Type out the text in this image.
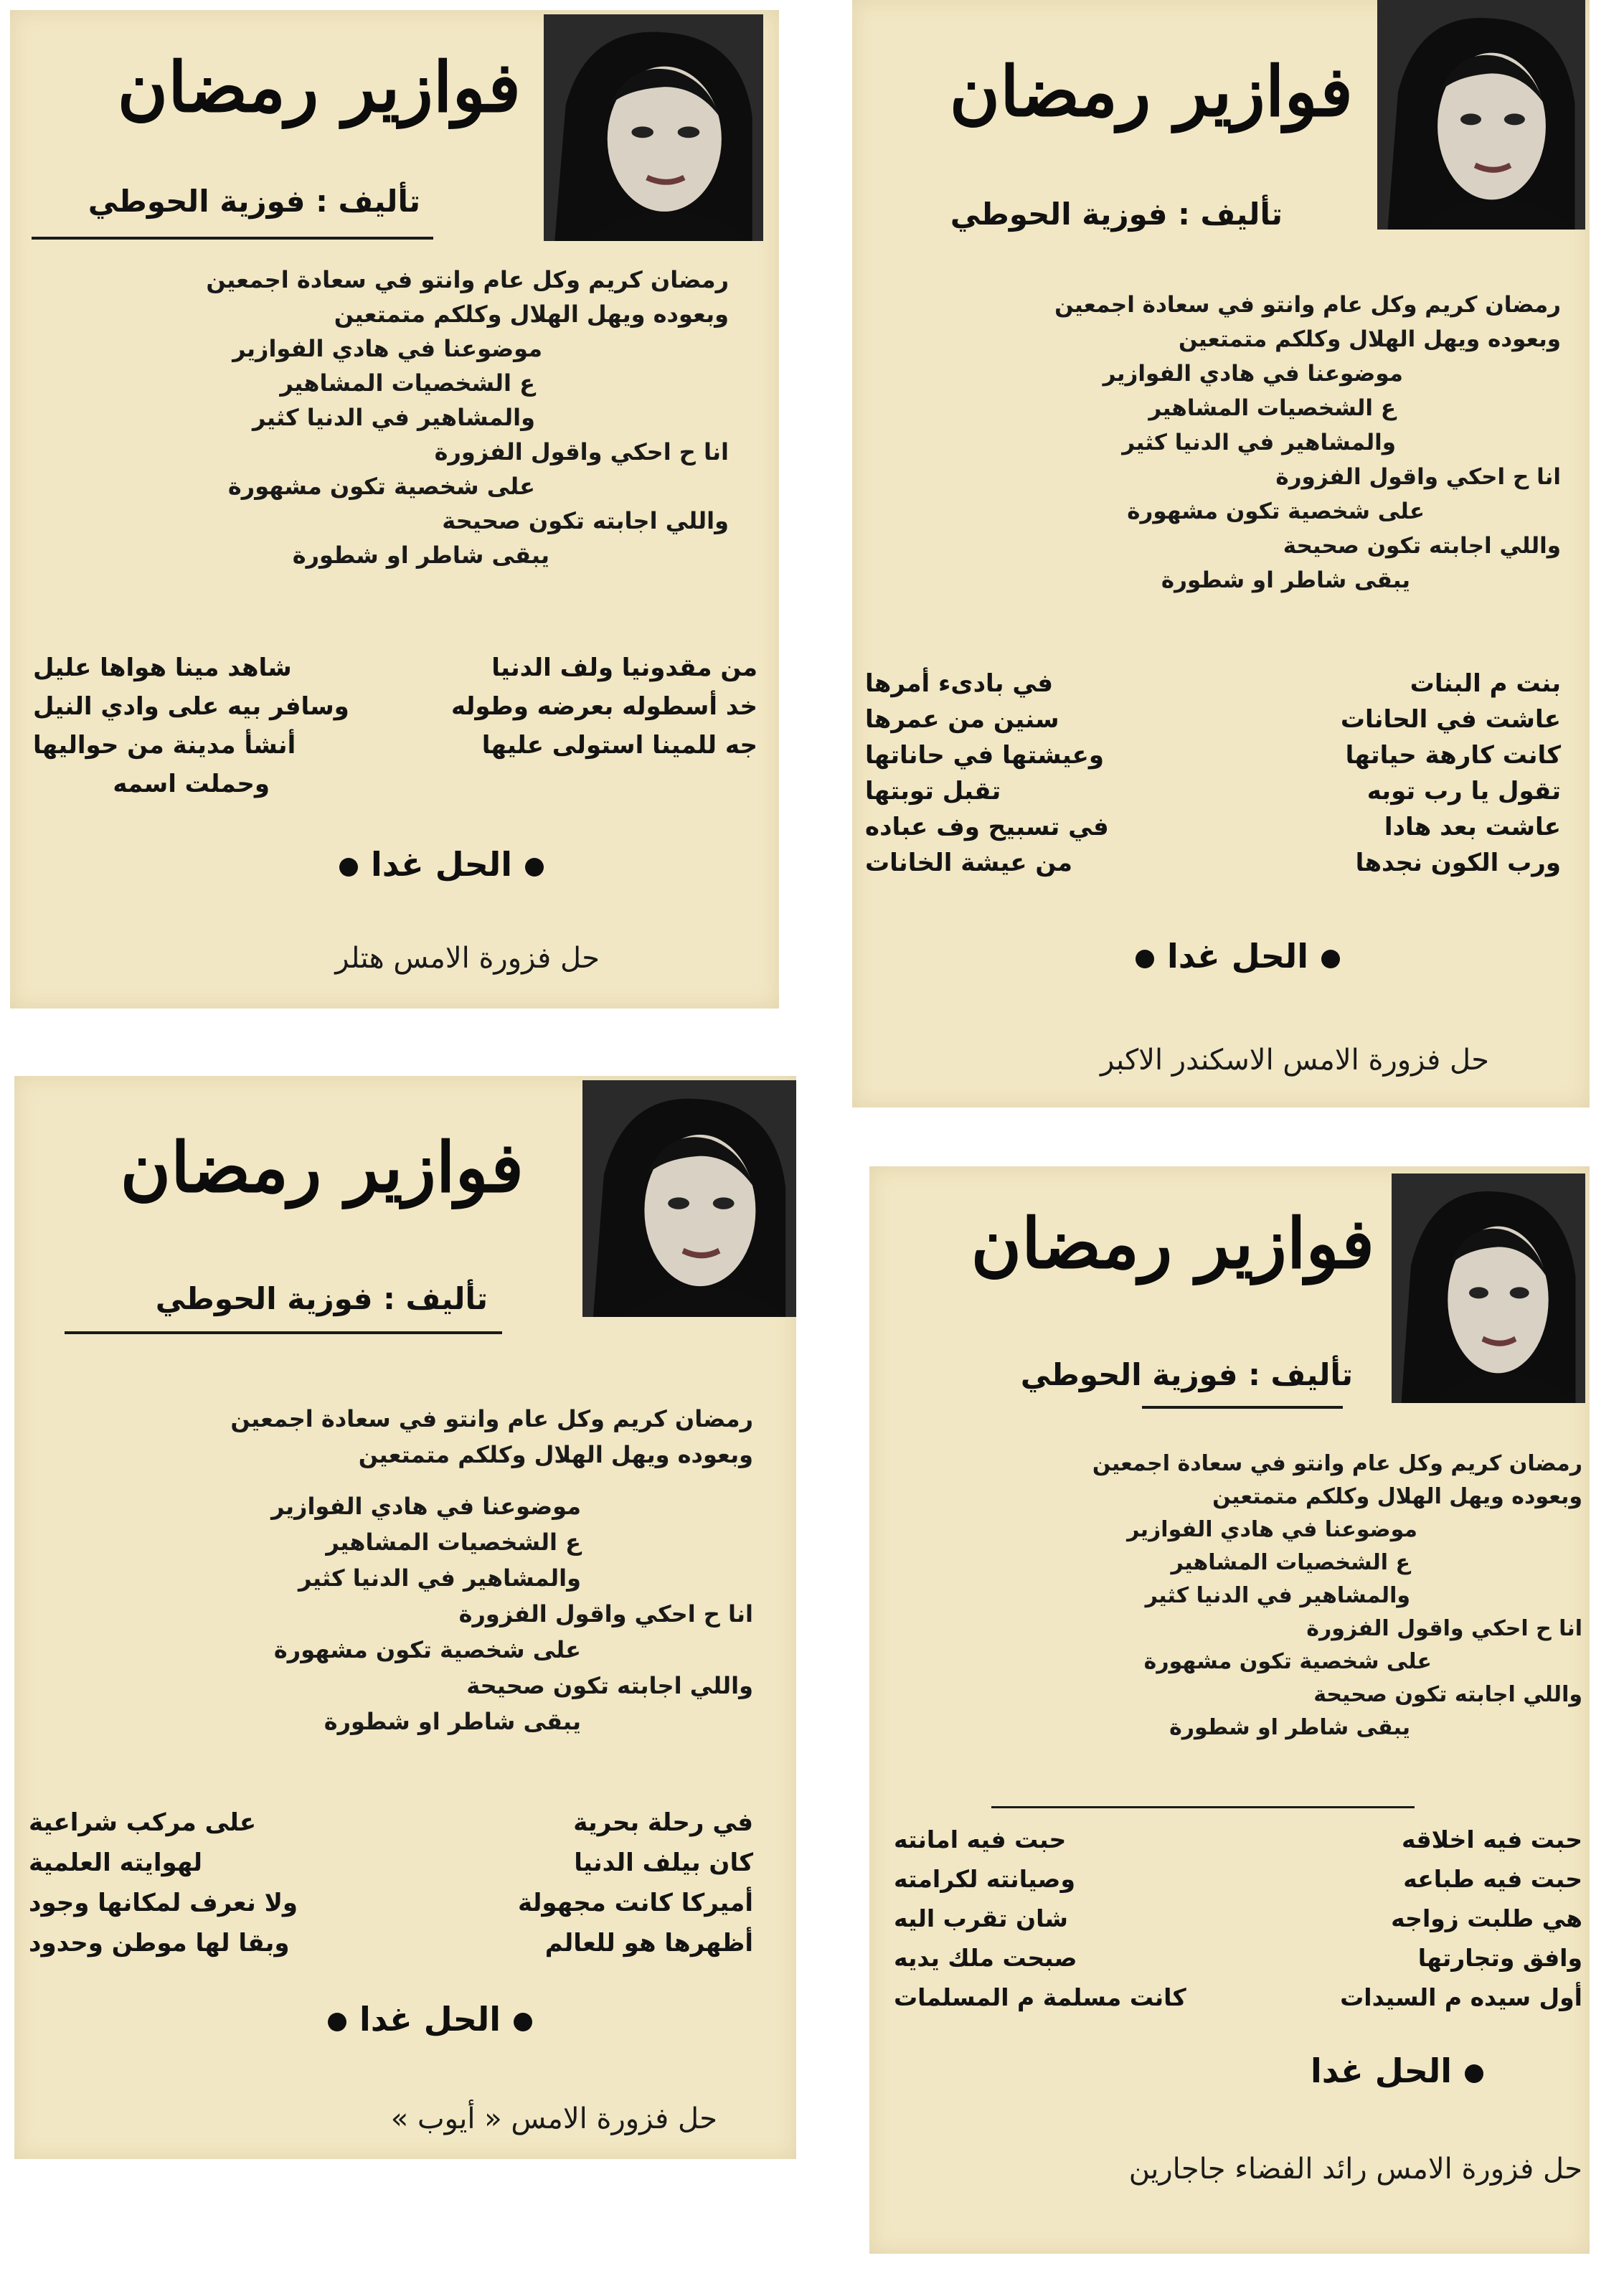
فوازير رمضان
تأليف : فوزية الحوطي
رمضان كريم وكل عام وانتو في سعادة اجمعين
وبعوده ويهل الهلال وكلكم متمتعين
موضوعنا في هادي الفوازير
ع الشخصيات المشاهير
والمشاهير في الدنيا كثير
انا ح احكي واقول الفزورة
على شخصية تكون مشهورة
واللي اجابته تكون صحيحة
يبقى شاطر او شطورة
من مقدونيا ولف الدنيا
شاهد مينا هواها عليل
خد أسطوله بعرضه وطوله
وسافر بيه على وادي النيل
جه للمينا استولى عليها
أنشأ مدينة من حواليها
وحملت اسمه
الحل غدا
حل فزورة الامس هتلر
فوازير رمضان
تأليف : فوزية الحوطي
رمضان كريم وكل عام وانتو في سعادة اجمعين
وبعوده ويهل الهلال وكلكم متمتعين
موضوعنا في هادي الفوازير
ع الشخصيات المشاهير
والمشاهير في الدنيا كثير
انا ح احكي واقول الفزورة
على شخصية تكون مشهورة
واللي اجابته تكون صحيحة
يبقى شاطر او شطورة
بنت م البنات
في بادىء أمرها
عاشت في الحانات
سنين من عمرها
كانت كارهة حياتها
وعيشتها في حاناتها
تقول يا رب توبه
تقبل توبتها
عاشت بعد هادا
في تسبيح وف عباده
ورب الكون نجدها
من عيشة الخانات
الحل غدا
حل فزورة الامس الاسكندر الاكبر
فوازير رمضان
تأليف : فوزية الحوطي
رمضان كريم وكل عام وانتو في سعادة اجمعين
وبعوده ويهل الهلال وكلكم متمتعين
موضوعنا في هادي الفوازير
ع الشخصيات المشاهير
والمشاهير في الدنيا كثير
انا ح احكي واقول الفزورة
على شخصية تكون مشهورة
واللي اجابته تكون صحيحة
يبقى شاطر او شطورة
في رحلة بحرية
على مركب شراعية
كان بيلف الدنيا
لهوايته العلمية
أميركا كانت مجهولة
ولا نعرف لمكانها وجود
أظهرها هو للعالم
وبقا لها موطن وحدود
الحل غدا
حل فزورة الامس « أيوب »
فوازير رمضان
تأليف : فوزية الحوطي
رمضان كريم وكل عام وانتو في سعادة اجمعين
وبعوده ويهل الهلال وكلكم متمتعين
موضوعنا في هادي الفوازير
ع الشخصيات المشاهير
والمشاهير في الدنيا كثير
انا ح احكي واقول الفزورة
على شخصية تكون مشهورة
واللي اجابته تكون صحيحة
يبقى شاطر او شطورة
حبت فيه اخلاقه
حبت فيه امانته
حبت فيه طباعه
وصيانته لكرامته
هي طلبت زواجه
شان تقرب اليه
وافق وتجارتها
صبحت ملك يديه
أول سيده م السيدات
كانت مسلمة م المسلمات
الحل غدا
حل فزورة الامس رائد الفضاء جاجارين
